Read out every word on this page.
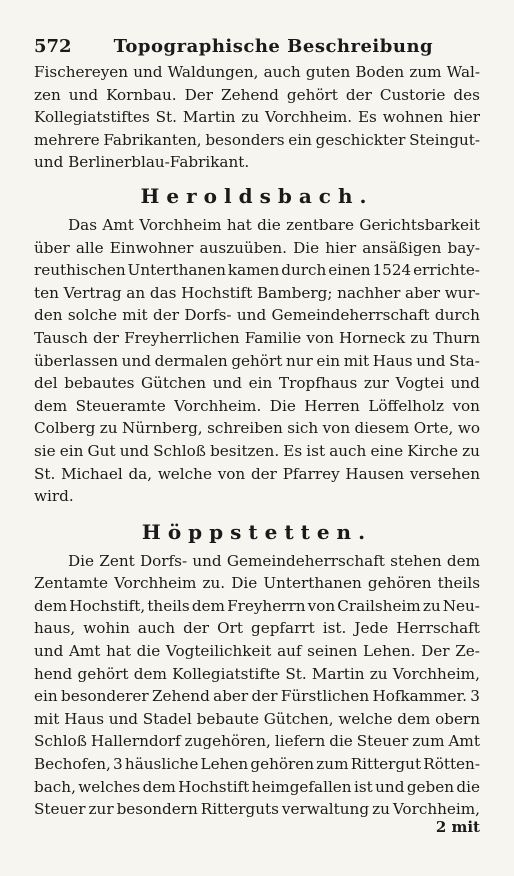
572 Topographische Beschreibung
Fischereyen und Waldungen, auch guten Boden zum Wal-
zen und Kornbau. Der Zehend gehört der Custorie des
Kollegiatstiftes St. Martin zu Vorchheim. Es wohnen hier
mehrere Fabrikanten, besonders ein geschickter Steingut-
und Berlinerblau-Fabrikant.
Heroldsbach.
Das Amt Vorchheim hat die zentbare Gerichtsbarkeit
über alle Einwohner auszuüben. Die hier ansäßigen bay-
reuthischen Unterthanen kamen durch einen 1524 errichte-
ten Vertrag an das Hochstift Bamberg; nachher aber wur-
den solche mit der Dorfs- und Gemeindeherrschaft durch
Tausch der Freyherrlichen Familie von Horneck zu Thurn
überlassen und dermalen gehört nur ein mit Haus und Sta-
del bebautes Gütchen und ein Tropfhaus zur Vogtei und
dem Steueramte Vorchheim. Die Herren Löffelholz von
Colberg zu Nürnberg, schreiben sich von diesem Orte, wo
sie ein Gut und Schloß besitzen. Es ist auch eine Kirche zu
St. Michael da, welche von der Pfarrey Hausen versehen
wird.
Höppstetten.
Die Zent Dorfs- und Gemeindeherrschaft stehen dem
Zentamte Vorchheim zu. Die Unterthanen gehören theils
dem Hochstift, theils dem Freyherrn von Crailsheim zu Neu-
haus, wohin auch der Ort gepfarrt ist. Jede Herrschaft
und Amt hat die Vogteilichkeit auf seinen Lehen. Der Ze-
hend gehört dem Kollegiatstifte St. Martin zu Vorchheim,
ein besonderer Zehend aber der Fürstlichen Hofkammer. 3
mit Haus und Stadel bebaute Gütchen, welche dem obern
Schloß Hallerndorf zugehören, liefern die Steuer zum Amt
Bechofen, 3 häusliche Lehen gehören zum Rittergut Rötten-
bach, welches dem Hochstift heimgefallen ist und geben die
Steuer zur besondern Ritterguts verwaltung zu Vorchheim,
2 mit
